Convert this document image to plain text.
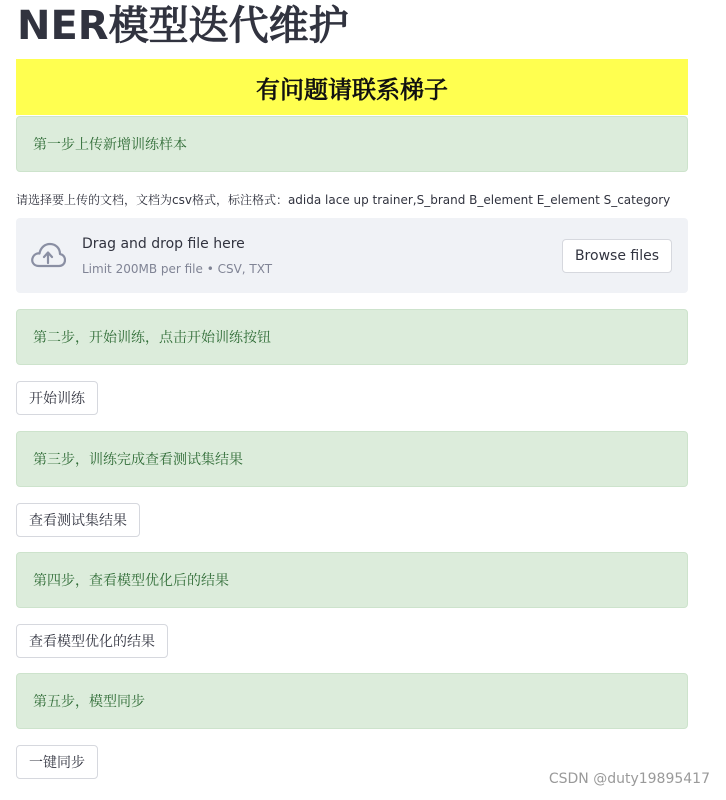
NER模型迭代维护
有问题请联系梯子
第一步上传新增训练样本
请选择要上传的文档，文档为csv格式，标注格式：adida lace up trainer,S_brand B_element E_element S_category
Drag and drop file here
Limit 200MB per file • CSV, TXT
Browse files
第二步，开始训练，点击开始训练按钮
开始训练
第三步，训练完成查看测试集结果
查看测试集结果
第四步，查看模型优化后的结果
查看模型优化的结果
第五步，模型同步
一键同步
CSDN @duty19895417
